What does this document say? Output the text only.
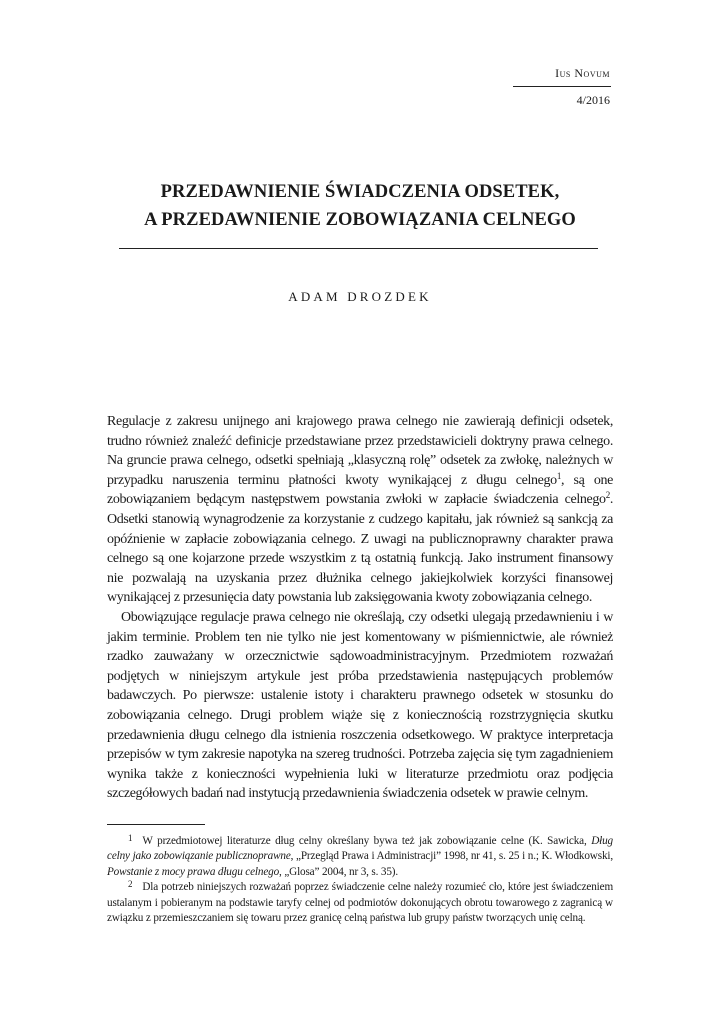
Ius Novum
4/2016
PRZEDAWNIENIE ŚWIADCZENIA ODSETEK,
A PRZEDAWNIENIE ZOBOWIĄZANIA CELNEGO
ADAM DROZDEK

Regulacje z zakresu unijnego ani krajowego prawa celnego nie zawierają definicji odsetek, trudno również znaleźć definicje przedstawiane przez przedstawicieli doktryny prawa celnego. Na gruncie prawa celnego, odsetki spełniają „klasyczną rolę” odsetek za zwłokę, należnych w przypadku naruszenia terminu płatności kwoty wynikającej z długu celnego$^1$, są one zobowiązaniem będącym następstwem powstania zwłoki w zapłacie świadczenia celnego$^2$. Odsetki stanowią wynagrodzenie za korzystanie z cudzego kapitału, jak również są sankcją za opóźnienie w zapłacie zobowiązania celnego. Z uwagi na publicznoprawny charakter prawa celnego są one kojarzone przede wszystkim z tą ostatnią funkcją. Jako instrument finansowy nie pozwalają na uzyskania przez dłużnika celnego jakiejkolwiek korzyści finansowej wynikającej z przesunięcia daty powstania lub zaksięgowania kwoty zobowiązania celnego.

Obowiązujące regulacje prawa celnego nie określają, czy odsetki ulegają przedawnieniu i w jakim terminie. Problem ten nie tylko nie jest komentowany w piśmiennictwie, ale również rzadko zauważany w orzecznictwie sądowoadministracyjnym. Przedmiotem rozważań podjętych w niniejszym artykule jest próba przedstawienia następujących problemów badawczych. Po pierwsze: ustalenie istoty i charakteru prawnego odsetek w stosunku do zobowiązania celnego. Drugi problem wiąże się z koniecznością rozstrzygnięcia skutku przedawnienia długu celnego dla istnienia roszczenia odsetkowego. W praktyce interpretacja przepisów w tym zakresie napotyka na szereg trudności. Potrzeba zajęcia się tym zagadnieniem wynika także z konieczności wypełnienia luki w literaturze przedmiotu oraz podjęcia szczegółowych badań nad instytucją przedawnienia świadczenia odsetek w prawie celnym.

$^1$ W przedmiotowej literaturze dług celny określany bywa też jak zobowiązanie celne (K. Sawicka, Dług celny jako zobowiązanie publicznoprawne, „Przegląd Prawa i Administracji” 1998, nr 41, s. 25 i n.; K. Włodkowski, Powstanie z mocy prawa długu celnego, „Glosa” 2004, nr 3, s. 35).

$^2$ Dla potrzeb niniejszych rozważań poprzez świadczenie celne należy rozumieć cło, które jest świadczeniem ustalanym i pobieranym na podstawie taryfy celnej od podmiotów dokonujących obrotu towarowego z zagranicą w związku z przemieszczaniem się towaru przez granicę celną państwa lub grupy państw tworzących unię celną.
